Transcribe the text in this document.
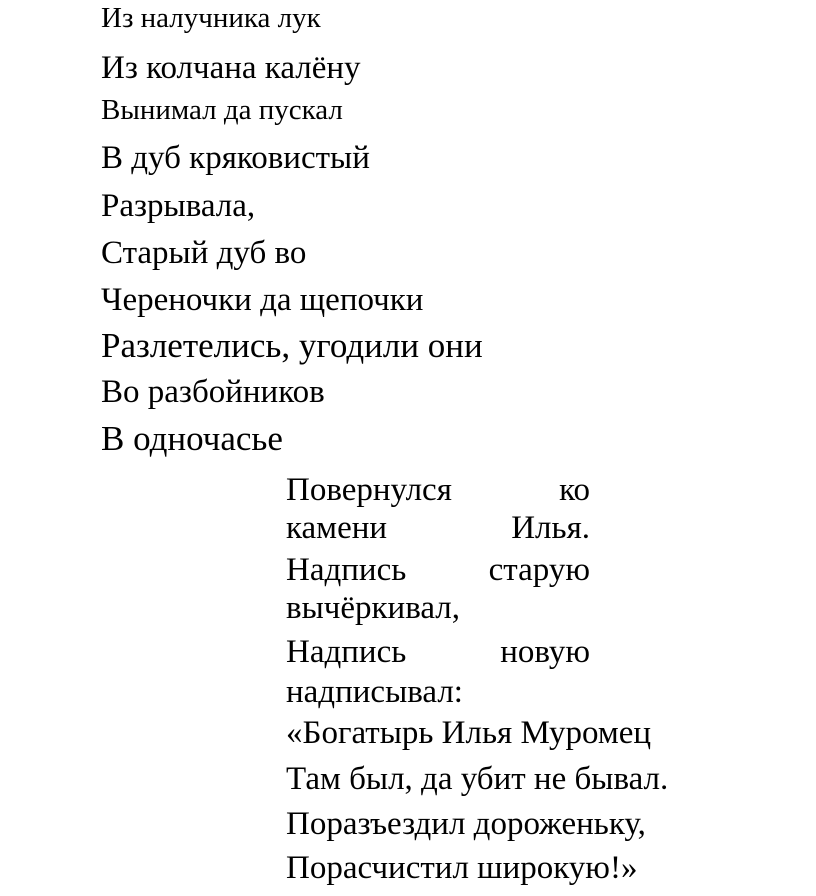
Из налучника лук
Из колчана калёну
Вынимал да пускал
В дуб кряковистый
Разрывала,
Старый дуб во
Череночки да щепочки
Разлетелись, угодили они
Во разбойников
В одночасье
Повернулся	ко
камени	Илья.
Надпись старую
вычёркивал,
Надпись	новую
надписывал:
«Богатырь Илья Муромец
Там был, да убит не бывал.
Поразъездил дороженьку,
Порасчистил широкую!»
